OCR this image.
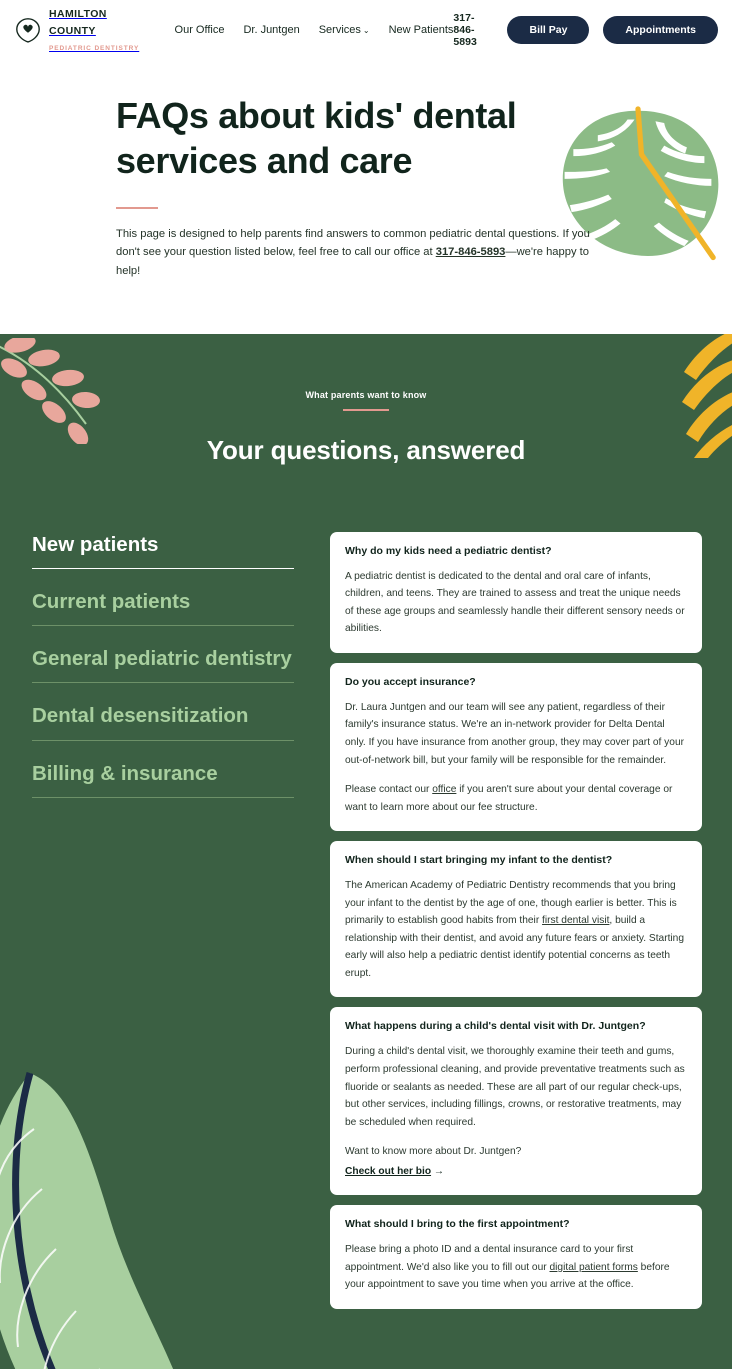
HAMILTON COUNTY
PEDIATRIC DENTISTRY
Our Office Dr. Juntgen Services ⌄ New Patients
317-846-5893
Bill Pay	Appointments
FAQs about kids' dental services and care

This page is designed to help parents find answers to common pediatric dental questions. If you don't see your question listed below, feel free to call our office at 317-846-5893—we're happy to help!

What parents want to know
Your questions, answered
New patients
Current patients
General pediatric dentistry
Dental desensitization
Billing & insurance
Why do my kids need a pediatric dentist?
A pediatric dentist is dedicated to the dental and oral care of infants, children, and teens. They are trained to assess and treat the unique needs of these age groups and seamlessly handle their different sensory needs or abilities.
Do you accept insurance?
Dr. Laura Juntgen and our team will see any patient, regardless of their family's insurance status. We're an in-network provider for Delta Dental only. If you have insurance from another group, they may cover part of your out-of-network bill, but your family will be responsible for the remainder.
Please contact our office if you aren't sure about your dental coverage or want to learn more about our fee structure.
When should I start bringing my infant to the dentist?
The American Academy of Pediatric Dentistry recommends that you bring your infant to the dentist by the age of one, though earlier is better. This is primarily to establish good habits from their first dental visit, build a relationship with their dentist, and avoid any future fears or anxiety. Starting early will also help a pediatric dentist identify potential concerns as teeth erupt.
What happens during a child's dental visit with Dr. Juntgen?
During a child's dental visit, we thoroughly examine their teeth and gums, perform professional cleaning, and provide preventative treatments such as fluoride or sealants as needed. These are all part of our regular check-ups, but other services, including fillings, crowns, or restorative treatments, may be scheduled when required.
Want to know more about Dr. Juntgen?
Check out her bio →
What should I bring to the first appointment?
Please bring a photo ID and a dental insurance card to your first appointment. We'd also like you to fill out our digital patient forms before your appointment to save you time when you arrive at the office.
